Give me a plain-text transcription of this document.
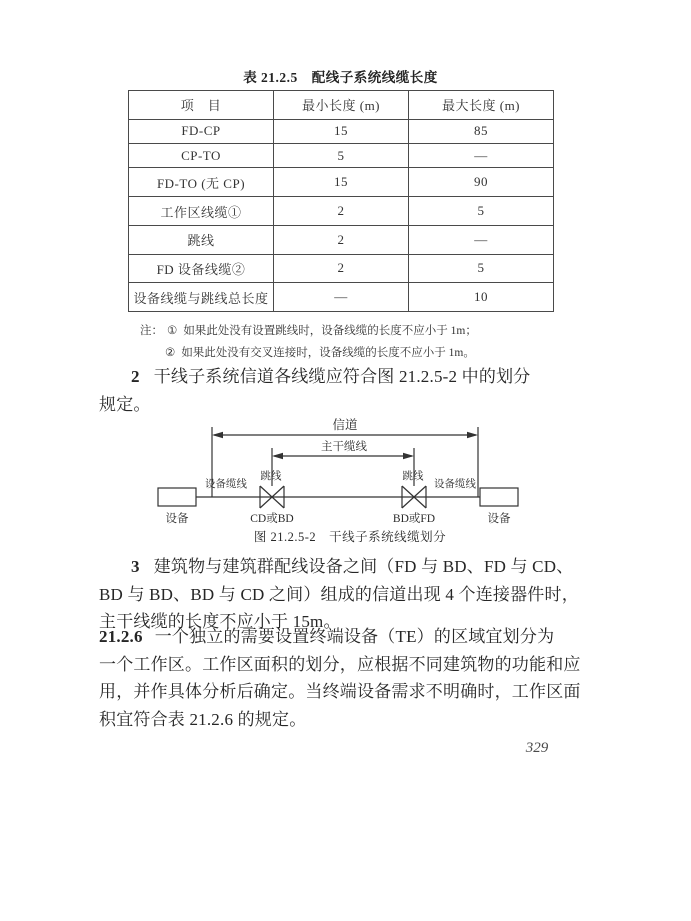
表 21.2.5　配线子系统线缆长度
项　目	最小长度 (m)	最大长度 (m)
FD-CP	15	85
CP-TO	5	—
FD-TO (无 CP)	15	90
工作区线缆①	2	5
跳线	2	—
FD 设备线缆②	2	5
设备线缆与跳线总长度	—	10
注： ① 如果此处没有设置跳线时，设备线缆的长度不应小于 1m；
② 如果此处没有交叉连接时，设备线缆的长度不应小于 1m。
2 干线子系统信道各线缆应符合图 21.2.5-2 中的划分
规定。
信道
主干缆线
设备缆线
跳线	跳线
设备缆线
CD或BD	BD或FD
设备	设备
图 21.2.5-2　干线子系统线缆划分
3 建筑物与建筑群配线设备之间（FD 与 BD、FD 与 CD、
BD 与 BD、BD 与 CD 之间）组成的信道出现 4 个连接器件时，
主干线缆的长度不应小于 15m。
21.2.6 一个独立的需要设置终端设备（TE）的区域宜划分为
一个工作区。工作区面积的划分，应根据不同建筑物的功能和应
用，并作具体分析后确定。当终端设备需求不明确时，工作区面
积宜符合表 21.2.6 的规定。
329
